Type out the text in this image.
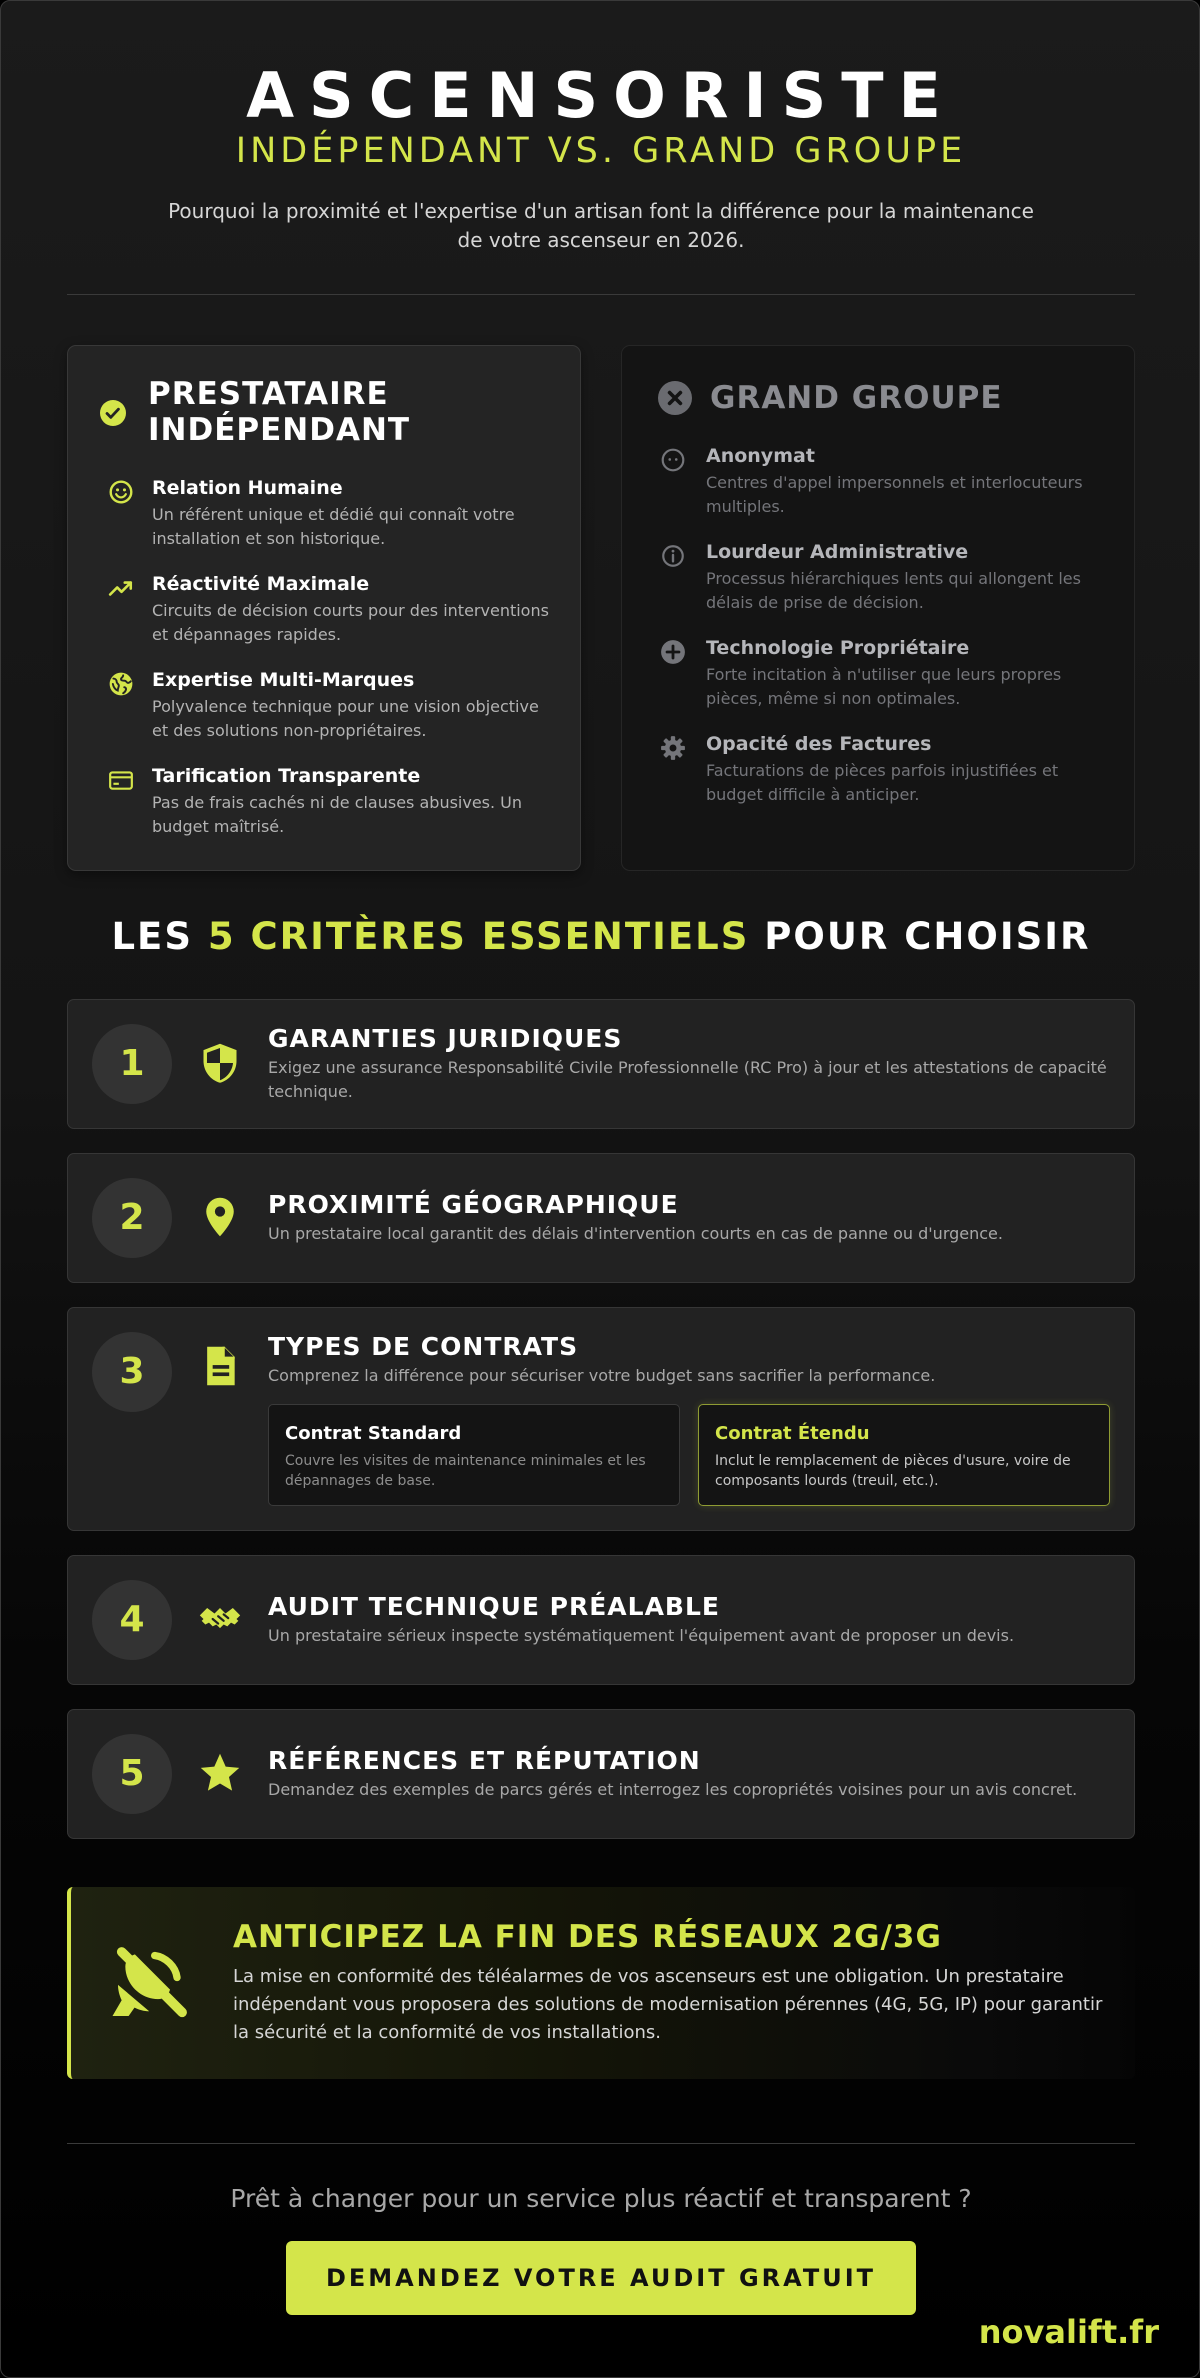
ASCENSORISTE
INDÉPENDANT VS. GRAND GROUPE

Pourquoi la proximité et l'expertise d'un artisan font la différence pour la maintenance de votre ascenseur en 2026.

PRESTATAIRE INDÉPENDANT
Relation Humaine
Un référent unique et dédié qui connaît votre installation et son historique.
Réactivité Maximale
Circuits de décision courts pour des interventions et dépannages rapides.
Expertise Multi-Marques
Polyvalence technique pour une vision objective et des solutions non-propriétaires.
Tarification Transparente
Pas de frais cachés ni de clauses abusives. Un budget maîtrisé.
GRAND GROUPE
Anonymat
Centres d'appel impersonnels et interlocuteurs multiples.
Lourdeur Administrative
Processus hiérarchiques lents qui allongent les délais de prise de décision.
Technologie Propriétaire
Forte incitation à n'utiliser que leurs propres pièces, même si non optimales.
Opacité des Factures
Facturations de pièces parfois injustifiées et budget difficile à anticiper.
LES 5 CRITÈRES ESSENTIELS POUR CHOISIR
1
GARANTIES JURIDIQUES
Exigez une assurance Responsabilité Civile Professionnelle (RC Pro) à jour et les attestations de capacité technique.
2	PROXIMITÉ GÉOGRAPHIQUE
Un prestataire local garantit des délais d'intervention courts en cas de panne ou d'urgence.
3
TYPES DE CONTRATS
Comprenez la différence pour sécuriser votre budget sans sacrifier la performance.
Contrat Standard
Couvre les visites de maintenance minimales et les dépannages de base.
Contrat Étendu
Inclut le remplacement de pièces d'usure, voire de composants lourds (treuil, etc.).
4	AUDIT TECHNIQUE PRÉALABLE
Un prestataire sérieux inspecte systématiquement l'équipement avant de proposer un devis.
5	RÉFÉRENCES ET RÉPUTATION
Demandez des exemples de parcs gérés et interrogez les copropriétés voisines pour un avis concret.
ANTICIPEZ LA FIN DES RÉSEAUX 2G/3G
La mise en conformité des téléalarmes de vos ascenseurs est une obligation. Un prestataire indépendant vous proposera des solutions de modernisation pérennes (4G, 5G, IP) pour garantir la sécurité et la conformité de vos installations.

Prêt à changer pour un service plus réactif et transparent ?

DEMANDEZ VOTRE AUDIT GRATUIT
novalift.fr
